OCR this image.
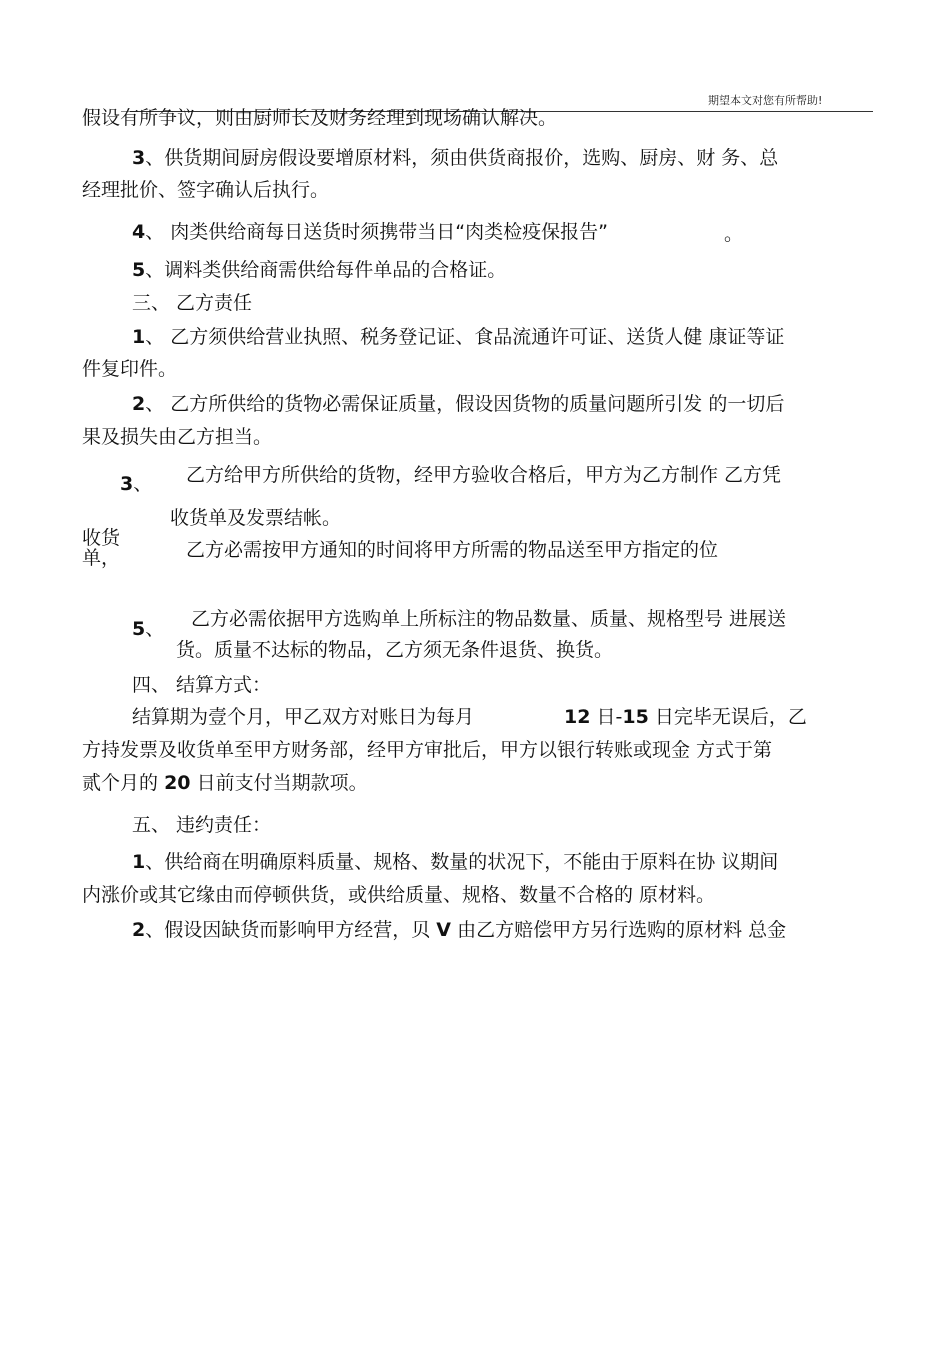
期望本文对您有所帮助!
假设有所争议，则由厨师长及财务经理到现场确认解决。
3、供货期间厨房假设要增原材料，须由供货商报价，选购、厨房、财 务、总
经理批价、签字确认后执行。
4、 肉类供给商每日送货时须携带当日“肉类检疫保报告”	。
5、调料类供给商需供给每件单品的合格证。
三、 乙方责任
1、 乙方须供给营业执照、税务登记证、食品流通许可证、送货人健 康证等证
件复印件。
2、 乙方所供给的货物必需保证质量，假设因货物的质量问题所引发 的一切后
果及损失由乙方担当。
3、 乙方给甲方所供给的货物，经甲方验收合格后，甲方为乙方制作 乙方凭
收货单及发票结帐。
收货
单，	乙方必需按甲方通知的时间将甲方所需的物品送至甲方指定的位
5、 乙方必需依据甲方选购单上所标注的物品数量、质量、规格型号 进展送
货。质量不达标的物品，乙方须无条件退货、换货。
四、 结算方式：
结算期为壹个月，甲乙双方对账日为每月	12 日-15 日完毕无误后，乙
方持发票及收货单至甲方财务部，经甲方审批后，甲方以银行转账或现金 方式于第
贰个月的 20 日前支付当期款项。
五、 违约责任：
1、供给商在明确原料质量、规格、数量的状况下，不能由于原料在协 议期间
内涨价或其它缘由而停顿供货，或供给质量、规格、数量不合格的 原材料。
2、假设因缺货而影响甲方经营，贝 V 由乙方赔偿甲方另行选购的原材料 总金
